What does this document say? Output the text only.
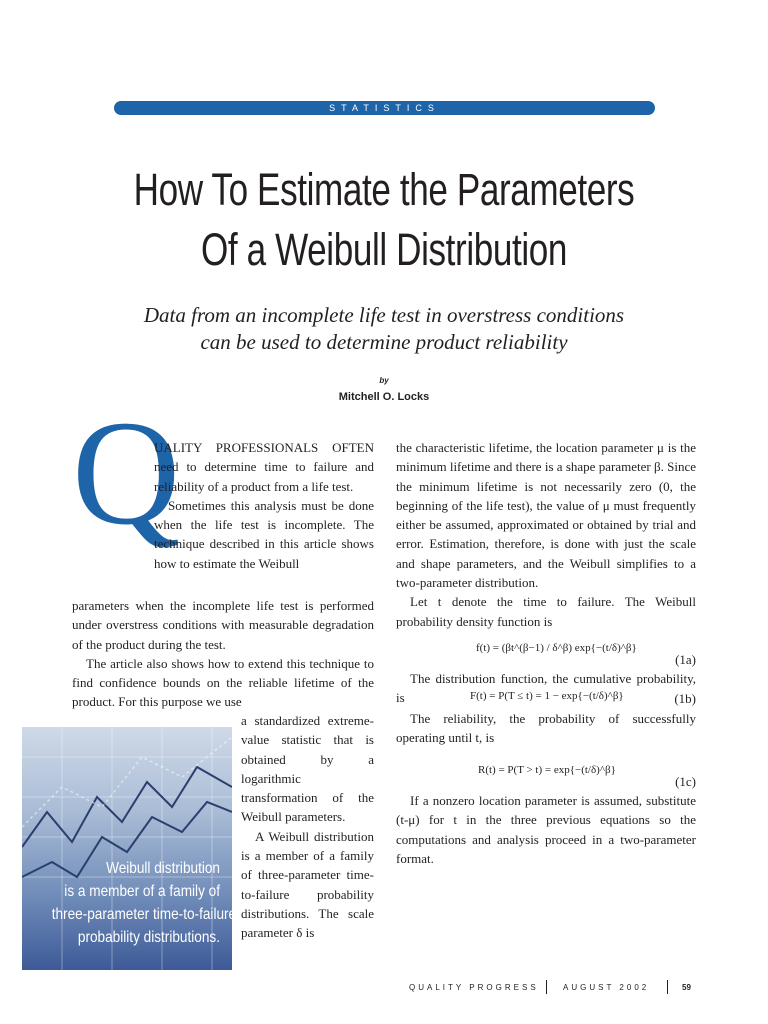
STATISTICS
How To Estimate the Parameters
Of a Weibull Distribution
Data from an incomplete life test in overstress conditions
can be used to determine product reliability
by
Mitchell O. Locks
Q

UALITY PROFESSIONALS OFTEN need to determine time to failure and reliability of a product from a life test.

Sometimes this analysis must be done when the life test is incomplete. The technique described in this article shows how to estimate the Weibull

parameters when the incomplete life test is performed under overstress conditions with measurable degradation of the product during the test.

The article also shows how to extend this technique to find confidence bounds on the reliable lifetime of the product. For this purpose we use

a standardized extreme-value statistic that is obtained by a logarithmic transformation of the Weibull parameters.

A Weibull distribution is a member of a family of three-parameter time-to-failure probability distributions. The scale parameter δ is

Weibull distribution
is a member of a family of
three-parameter time-to-failure
probability distributions.

the characteristic lifetime, the location parameter μ is the minimum lifetime and there is a shape parameter β. Since the minimum lifetime is not necessarily zero (0, the beginning of the life test), the value of μ must frequently either be assumed, approximated or obtained by trial and error. Estimation, therefore, is done with just the scale and shape parameters, and the Weibull simplifies to a two-parameter distribution.

Let t denote the time to failure. The Weibull probability density function is

f(t) = (βt^(β−1) / δ^β) exp{−(t/δ)^β}
(1a)

The distribution function, the cumulative probability, is	F(t) = P(T ≤ t) = 1 − exp{−(t/δ)^β}	(1b)

The reliability, the probability of successfully operating until t, is

R(t) = P(T > t) = exp{−(t/δ)^β}
(1c)

If a nonzero location parameter is assumed, substitute (t-μ) for t in the three previous equations so the computations and analysis proceed in a two-parameter format.

QUALITY PROGRESS	AUGUST 2002	59
